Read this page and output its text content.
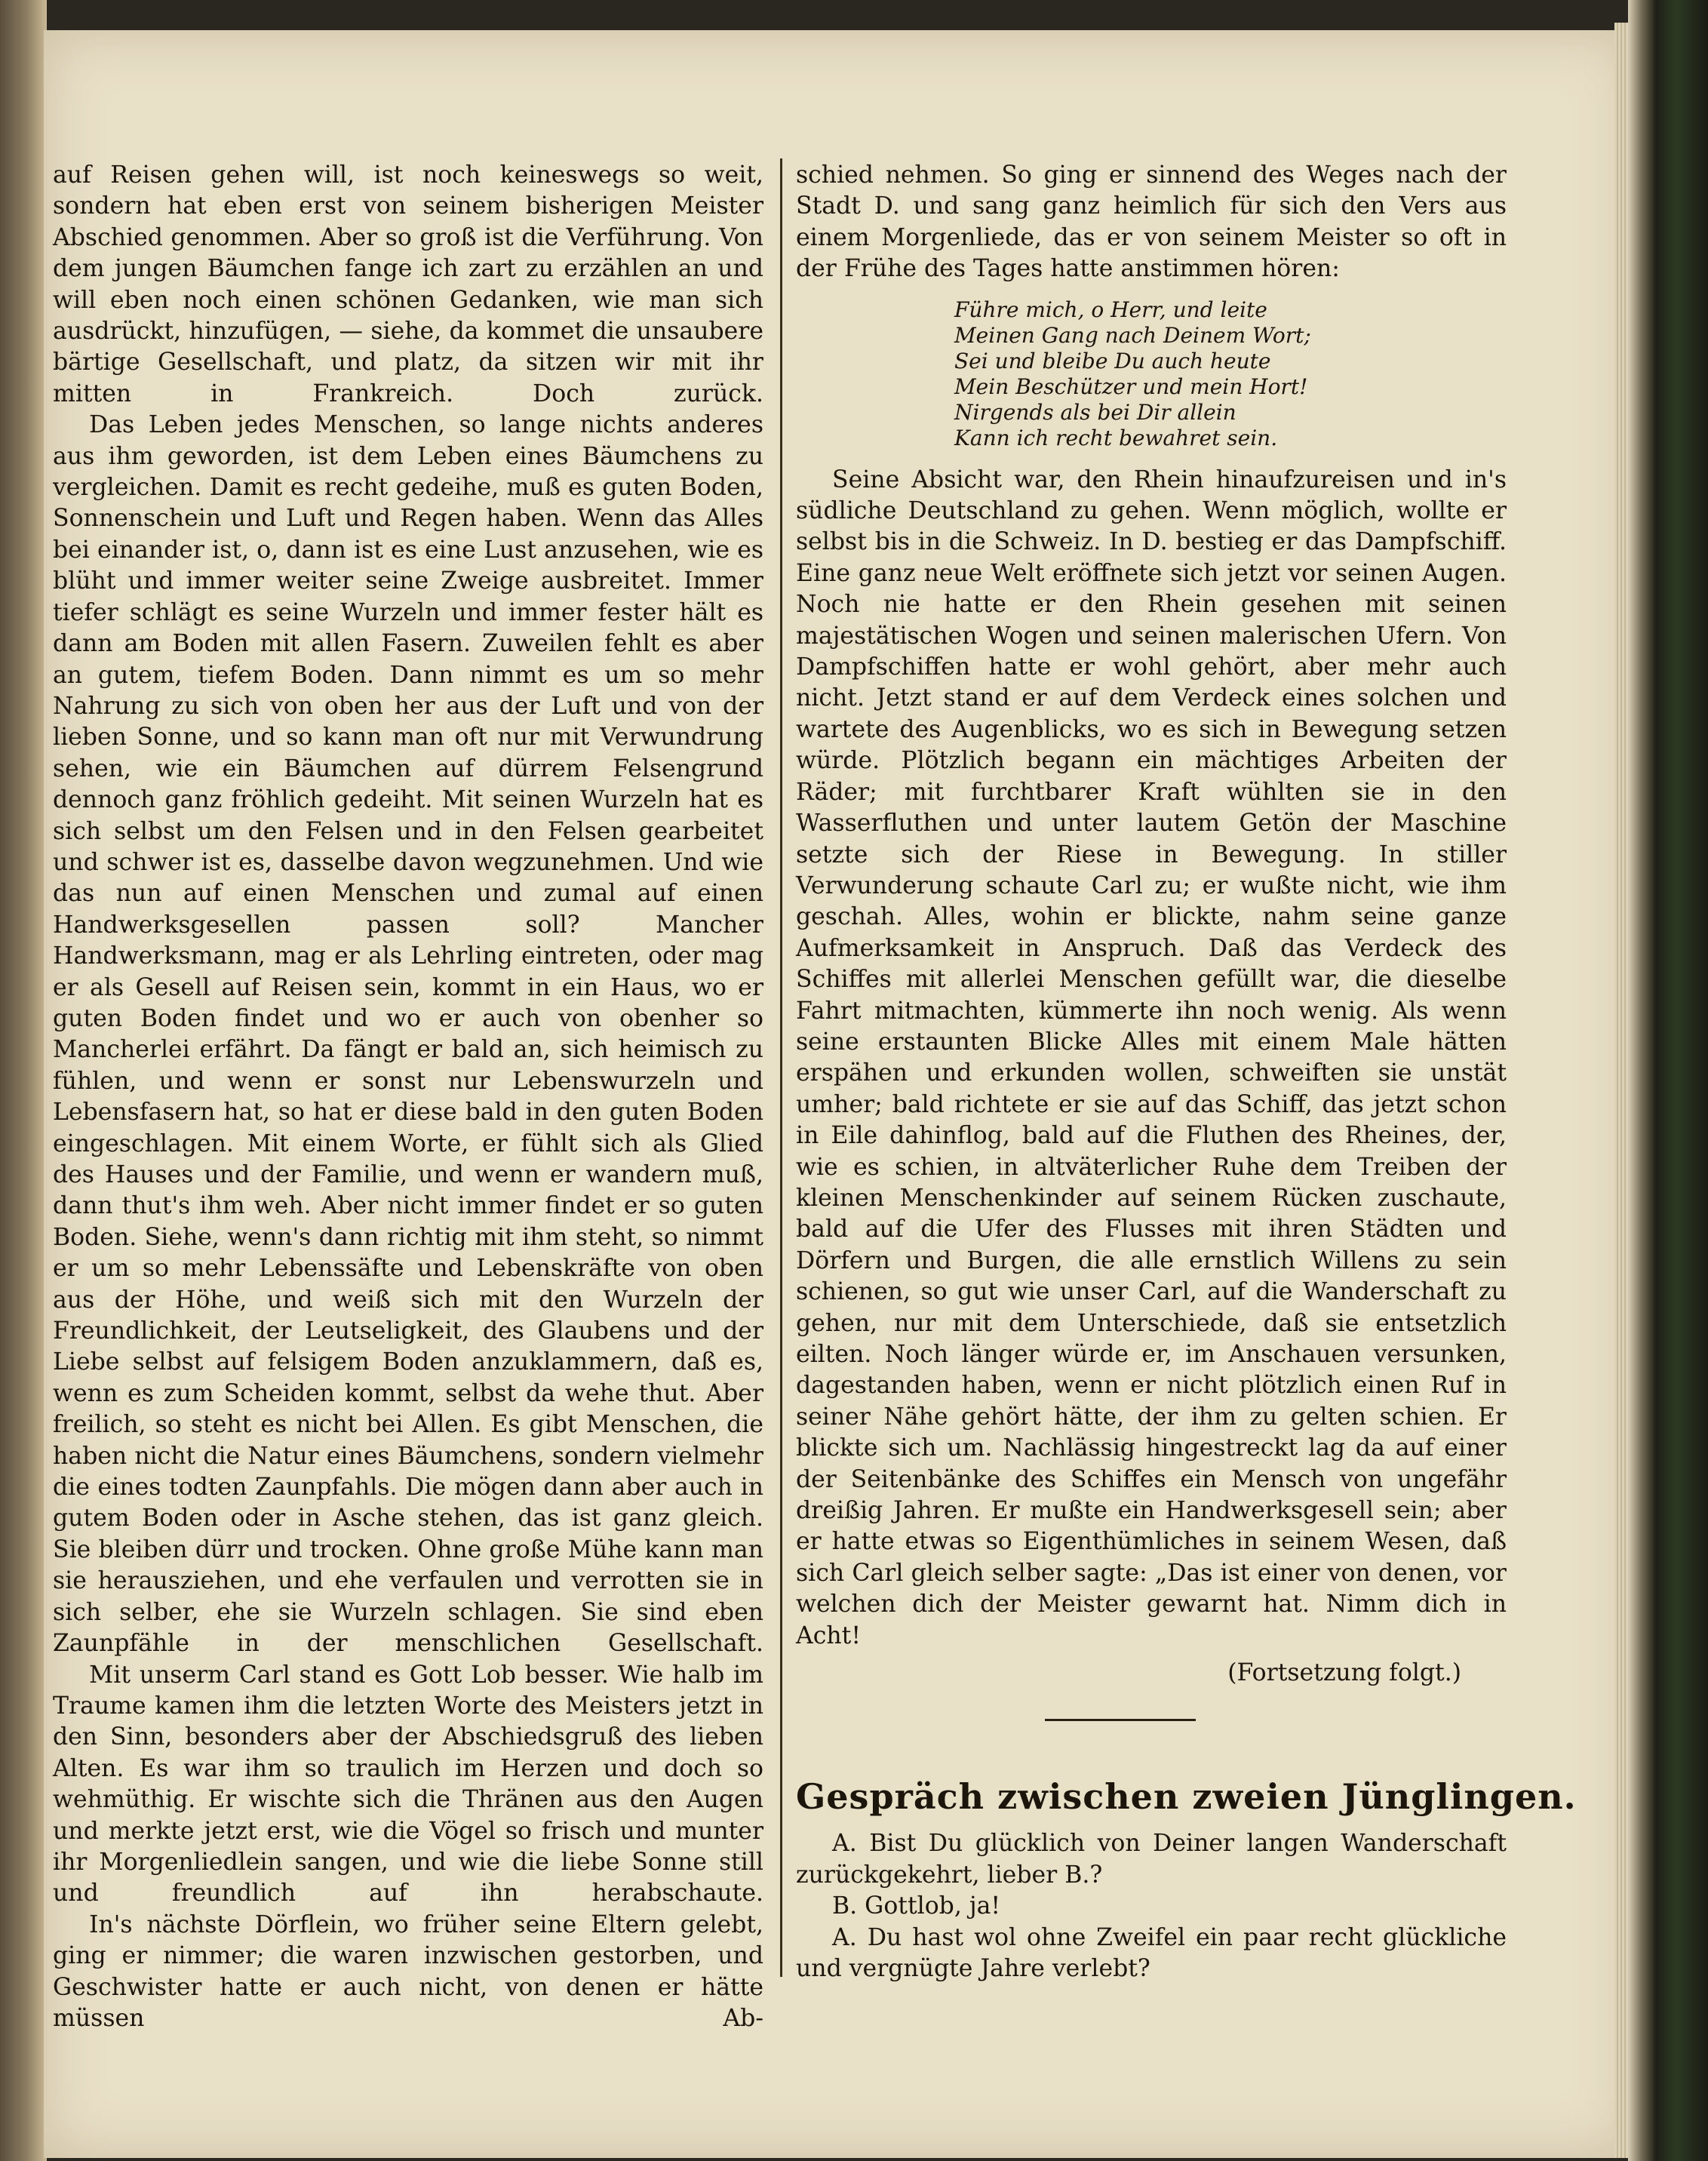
auf Reisen gehen will, ist noch keineswegs so weit, sondern hat eben erst von seinem bisherigen Meister Abschied genommen. Aber so groß ist die Verführung. Von dem jungen Bäumchen fange ich zart zu erzählen an und will eben noch einen schönen Gedanken, wie man sich ausdrückt, hinzufügen, — siehe, da kommet die unsaubere bärtige Gesellschaft, und platz, da sitzen wir mit ihr mitten in Frankreich. Doch zurück.

Das Leben jedes Menschen, so lange nichts anderes aus ihm geworden, ist dem Leben eines Bäumchens zu vergleichen. Damit es recht gedeihe, muß es guten Boden, Sonnenschein und Luft und Regen haben. Wenn das Alles bei einander ist, o, dann ist es eine Lust anzusehen, wie es blüht und immer weiter seine Zweige ausbreitet. Immer tiefer schlägt es seine Wurzeln und immer fester hält es dann am Boden mit allen Fasern. Zuweilen fehlt es aber an gutem, tiefem Boden. Dann nimmt es um so mehr Nahrung zu sich von oben her aus der Luft und von der lieben Sonne, und so kann man oft nur mit Verwundrung sehen, wie ein Bäumchen auf dürrem Felsengrund dennoch ganz fröhlich gedeiht. Mit seinen Wurzeln hat es sich selbst um den Felsen und in den Felsen gearbeitet und schwer ist es, dasselbe davon wegzunehmen. Und wie das nun auf einen Menschen und zumal auf einen Handwerksgesellen passen soll? Mancher Handwerksmann, mag er als Lehrling eintreten, oder mag er als Gesell auf Reisen sein, kommt in ein Haus, wo er guten Boden findet und wo er auch von obenher so Mancherlei erfährt. Da fängt er bald an, sich heimisch zu fühlen, und wenn er sonst nur Lebenswurzeln und Lebensfasern hat, so hat er diese bald in den guten Boden eingeschlagen. Mit einem Worte, er fühlt sich als Glied des Hauses und der Familie, und wenn er wandern muß, dann thut's ihm weh. Aber nicht immer findet er so guten Boden. Siehe, wenn's dann richtig mit ihm steht, so nimmt er um so mehr Lebenssäfte und Lebenskräfte von oben aus der Höhe, und weiß sich mit den Wurzeln der Freundlichkeit, der Leutseligkeit, des Glaubens und der Liebe selbst auf felsigem Boden anzuklammern, daß es, wenn es zum Scheiden kommt, selbst da wehe thut. Aber freilich, so steht es nicht bei Allen. Es gibt Menschen, die haben nicht die Natur eines Bäumchens, sondern vielmehr die eines todten Zaunpfahls. Die mögen dann aber auch in gutem Boden oder in Asche stehen, das ist ganz gleich. Sie bleiben dürr und trocken. Ohne große Mühe kann man sie herausziehen, und ehe verfaulen und verrotten sie in sich selber, ehe sie Wurzeln schlagen. Sie sind eben Zaunpfähle in der menschlichen Gesellschaft.

Mit unserm Carl stand es Gott Lob besser. Wie halb im Traume kamen ihm die letzten Worte des Meisters jetzt in den Sinn, besonders aber der Abschiedsgruß des lieben Alten. Es war ihm so traulich im Herzen und doch so wehmüthig. Er wischte sich die Thränen aus den Augen und merkte jetzt erst, wie die Vögel so frisch und munter ihr Morgenliedlein sangen, und wie die liebe Sonne still und freundlich auf ihn herabschaute.

In's nächste Dörflein, wo früher seine Eltern gelebt, ging er nimmer; die waren inzwischen gestorben, und Geschwister hatte er auch nicht, von denen er hätte müssen Ab-

schied nehmen. So ging er sinnend des Weges nach der Stadt D. und sang ganz heimlich für sich den Vers aus einem Morgenliede, das er von seinem Meister so oft in der Frühe des Tages hatte anstimmen hören:

Führe mich, o Herr, und leite
Meinen Gang nach Deinem Wort;
Sei und bleibe Du auch heute
Mein Beschützer und mein Hort!
Nirgends als bei Dir allein
Kann ich recht bewahret sein.

Seine Absicht war, den Rhein hinaufzureisen und in's südliche Deutschland zu gehen. Wenn möglich, wollte er selbst bis in die Schweiz. In D. bestieg er das Dampfschiff. Eine ganz neue Welt eröffnete sich jetzt vor seinen Augen. Noch nie hatte er den Rhein gesehen mit seinen majestätischen Wogen und seinen malerischen Ufern. Von Dampfschiffen hatte er wohl gehört, aber mehr auch nicht. Jetzt stand er auf dem Verdeck eines solchen und wartete des Augenblicks, wo es sich in Bewegung setzen würde. Plötzlich begann ein mächtiges Arbeiten der Räder; mit furchtbarer Kraft wühlten sie in den Wasserfluthen und unter lautem Getön der Maschine setzte sich der Riese in Bewegung. In stiller Verwunderung schaute Carl zu; er wußte nicht, wie ihm geschah. Alles, wohin er blickte, nahm seine ganze Aufmerksamkeit in Anspruch. Daß das Verdeck des Schiffes mit allerlei Menschen gefüllt war, die dieselbe Fahrt mitmachten, kümmerte ihn noch wenig. Als wenn seine erstaunten Blicke Alles mit einem Male hätten erspähen und erkunden wollen, schweiften sie unstät umher; bald richtete er sie auf das Schiff, das jetzt schon in Eile dahinflog, bald auf die Fluthen des Rheines, der, wie es schien, in altväterlicher Ruhe dem Treiben der kleinen Menschenkinder auf seinem Rücken zuschaute, bald auf die Ufer des Flusses mit ihren Städten und Dörfern und Burgen, die alle ernstlich Willens zu sein schienen, so gut wie unser Carl, auf die Wanderschaft zu gehen, nur mit dem Unterschiede, daß sie entsetzlich eilten. Noch länger würde er, im Anschauen versunken, dagestanden haben, wenn er nicht plötzlich einen Ruf in seiner Nähe gehört hätte, der ihm zu gelten schien. Er blickte sich um. Nachlässig hingestreckt lag da auf einer der Seitenbänke des Schiffes ein Mensch von ungefähr dreißig Jahren. Er mußte ein Handwerksgesell sein; aber er hatte etwas so Eigenthümliches in seinem Wesen, daß sich Carl gleich selber sagte: „Das ist einer von denen, vor welchen dich der Meister gewarnt hat. Nimm dich in Acht!

(Fortsetzung folgt.)
Gespräch zwischen zweien Jünglingen.

A. Bist Du glücklich von Deiner langen Wanderschaft zurückgekehrt, lieber B.?

B. Gottlob, ja!

A. Du hast wol ohne Zweifel ein paar recht glückliche und vergnügte Jahre verlebt?
